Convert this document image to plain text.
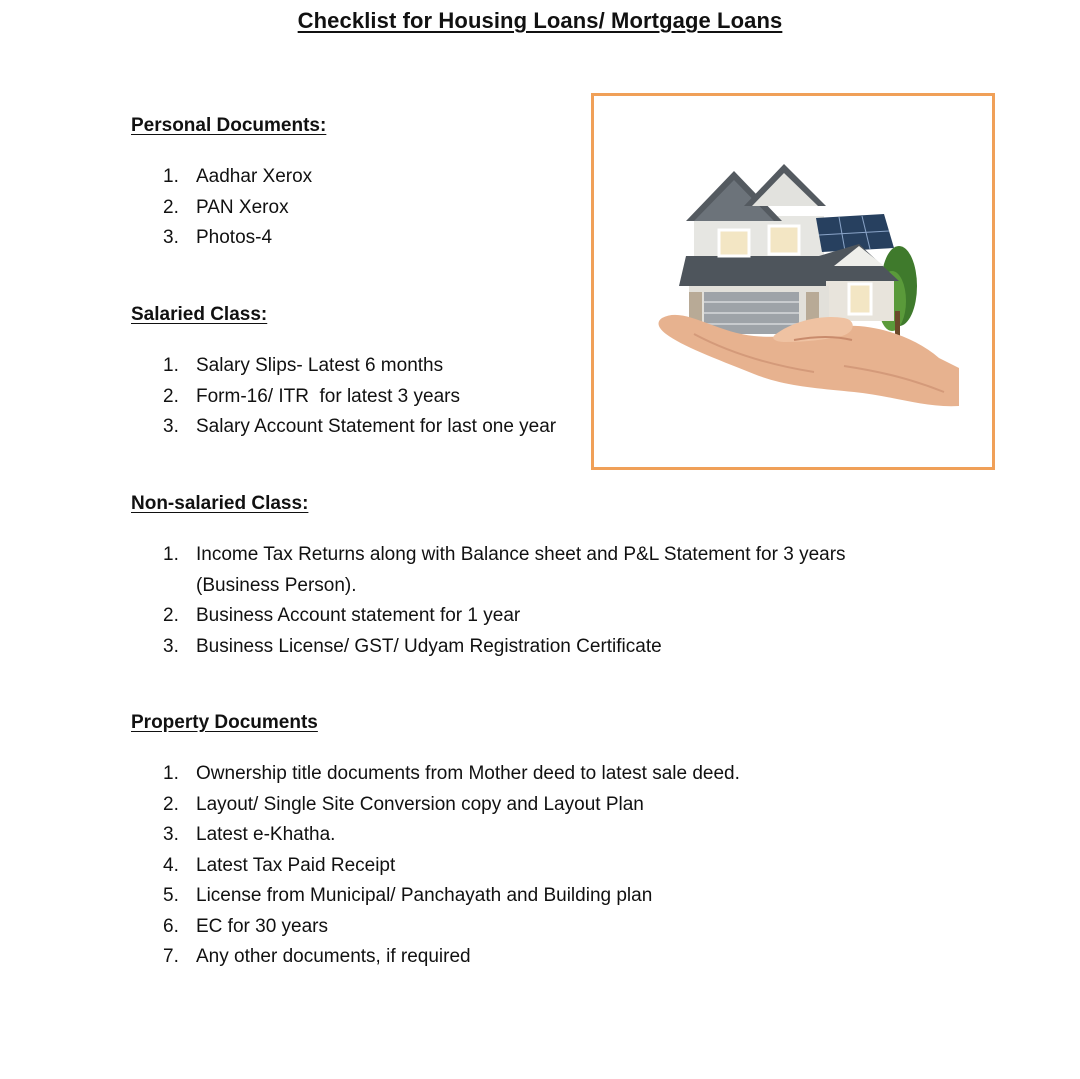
Checklist for Housing Loans/ Mortgage Loans
Personal Documents:
1. Aadhar Xerox
2. PAN Xerox
3. Photos-4
Salaried Class:
1. Salary Slips- Latest 6 months
2. Form-16/ ITR  for latest 3 years
3. Salary Account Statement for last one year
Non-salaried Class:
1. Income Tax Returns along with Balance sheet and P&L Statement for 3 years (Business Person).
2. Business Account statement for 1 year
3. Business License/ GST/ Udyam Registration Certificate
Property Documents
1. Ownership title documents from Mother deed to latest sale deed.
2. Layout/ Single Site Conversion copy and Layout Plan
3. Latest e-Khatha.
4. Latest Tax Paid Receipt
5. License from Municipal/ Panchayath and Building plan
6. EC for 30 years
7. Any other documents, if required
